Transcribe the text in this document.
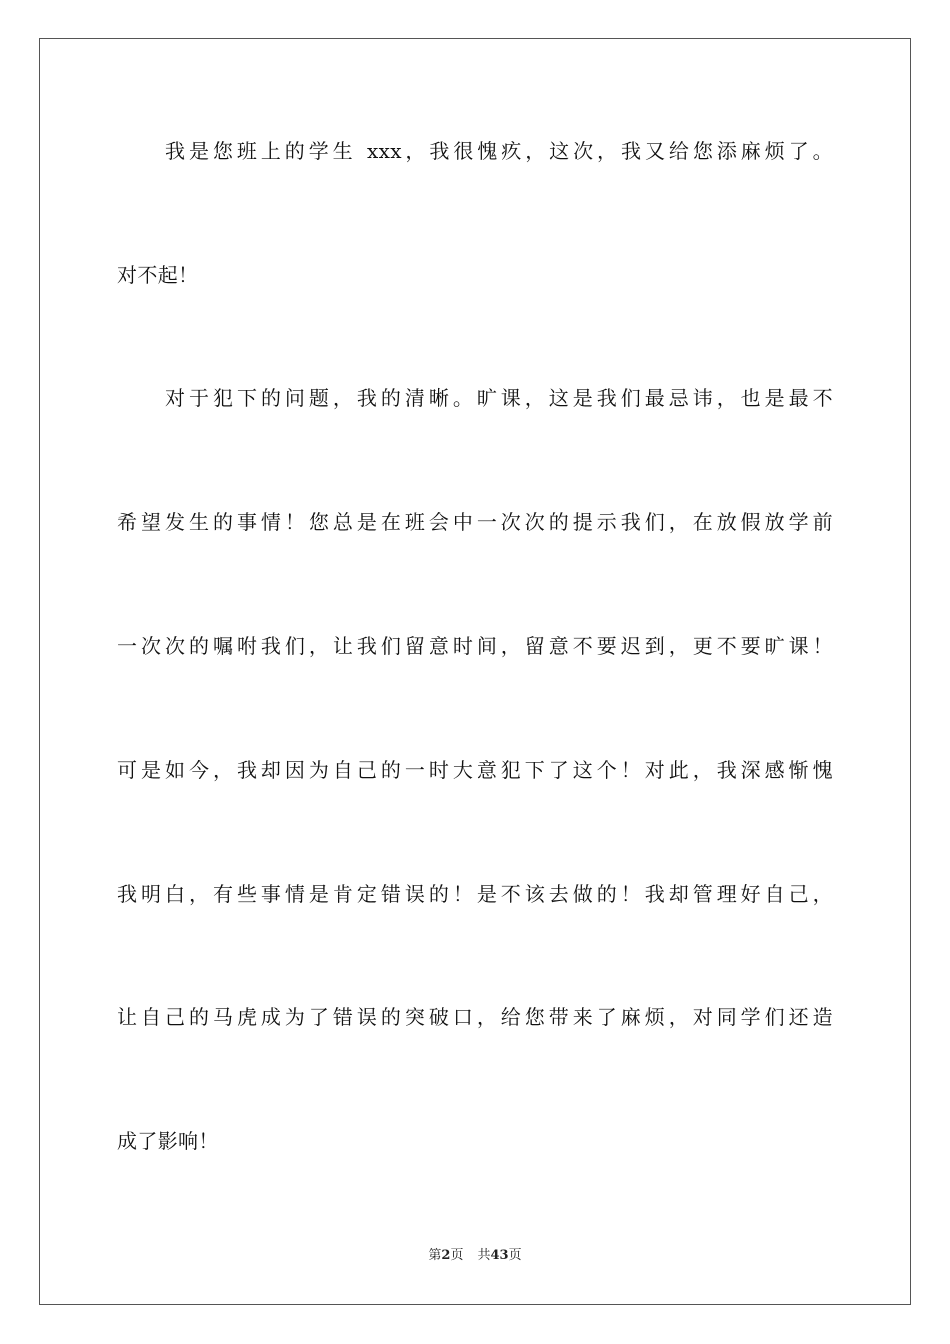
我是您班上的学生 xxx，我很愧疚，这次，我又给您添麻烦了。
对不起！
对于犯下的问题，我的清晰。旷课，这是我们最忌讳，也是最不
希望发生的事情！您总是在班会中一次次的提示我们，在放假放学前
一次次的嘱咐我们，让我们留意时间，留意不要迟到，更不要旷课！
可是如今，我却因为自己的一时大意犯下了这个！对此，我深感惭愧
我明白，有些事情是肯定错误的！是不该去做的！我却管理好自己，
让自己的马虎成为了错误的突破口，给您带来了麻烦，对同学们还造
成了影响！
第2页 共43页
